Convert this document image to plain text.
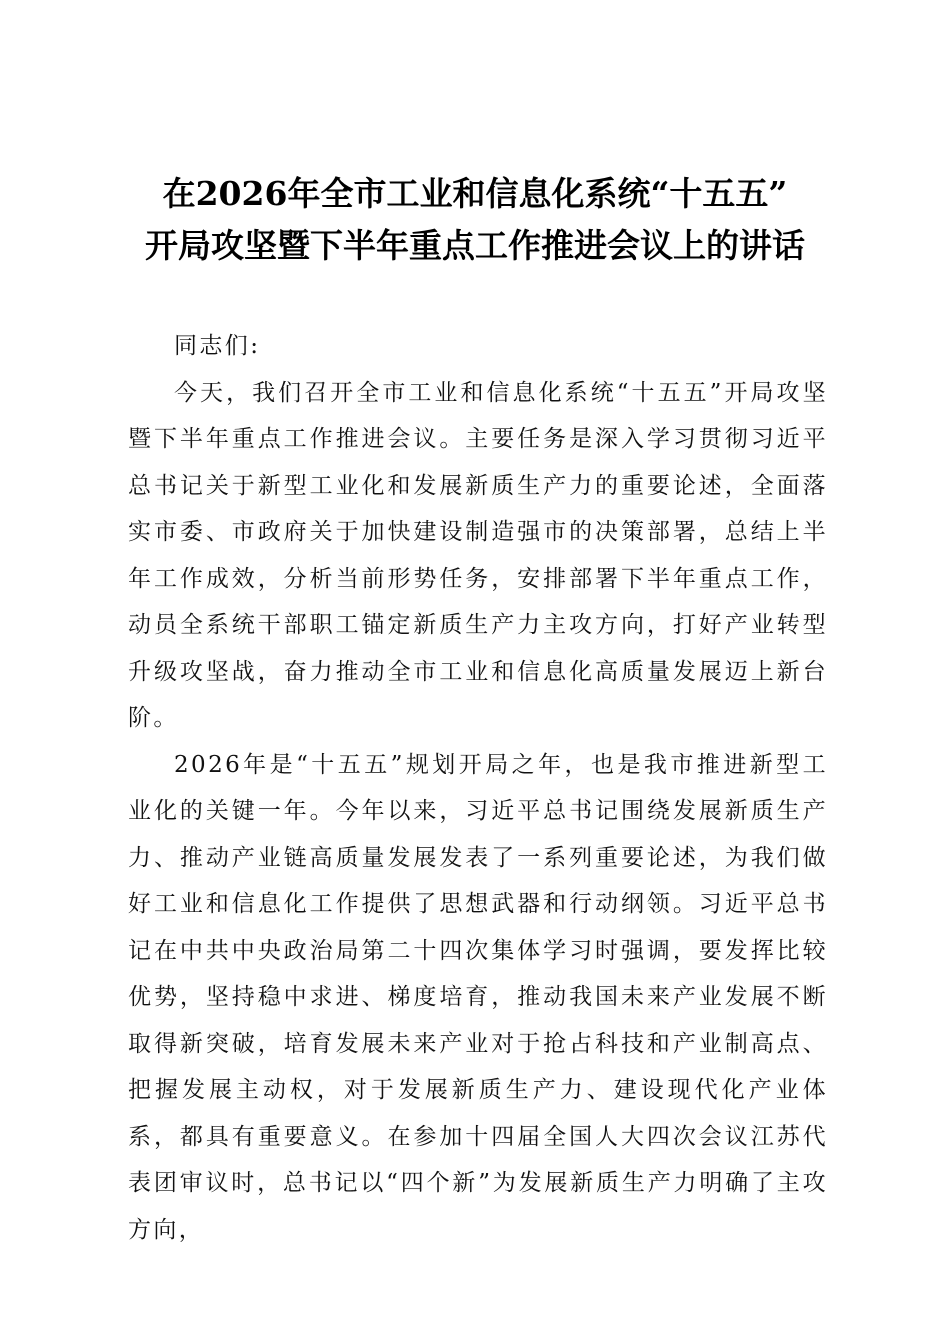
在2026年全市工业和信息化系统“十五五”
开局攻坚暨下半年重点工作推进会议上的讲话

同志们:

今天，我们召开全市工业和信息化系统“十五五”开局攻坚暨下半年重点工作推进会议。主要任务是深入学习贯彻习近平总书记关于新型工业化和发展新质生产力的重要论述，全面落实市委、市政府关于加快建设制造强市的决策部署，总结上半年工作成效，分析当前形势任务，安排部署下半年重点工作，动员全系统干部职工锚定新质生产力主攻方向，打好产业转型升级攻坚战，奋力推动全市工业和信息化高质量发展迈上新台阶。

2026年是“十五五”规划开局之年，也是我市推进新型工业化的关键一年。今年以来，习近平总书记围绕发展新质生产力、推动产业链高质量发展发表了一系列重要论述，为我们做好工业和信息化工作提供了思想武器和行动纲领。习近平总书记在中共中央政治局第二十四次集体学习时强调，要发挥比较优势，坚持稳中求进、梯度培育，推动我国未来产业发展不断取得新突破，培育发展未来产业对于抢占科技和产业制高点、把握发展主动权，对于发展新质生产力、建设现代化产业体系，都具有重要意义。在参加十四届全国人大四次会议江苏代表团审议时，总书记以“四个新”为发展新质生产力明确了主攻方向，
